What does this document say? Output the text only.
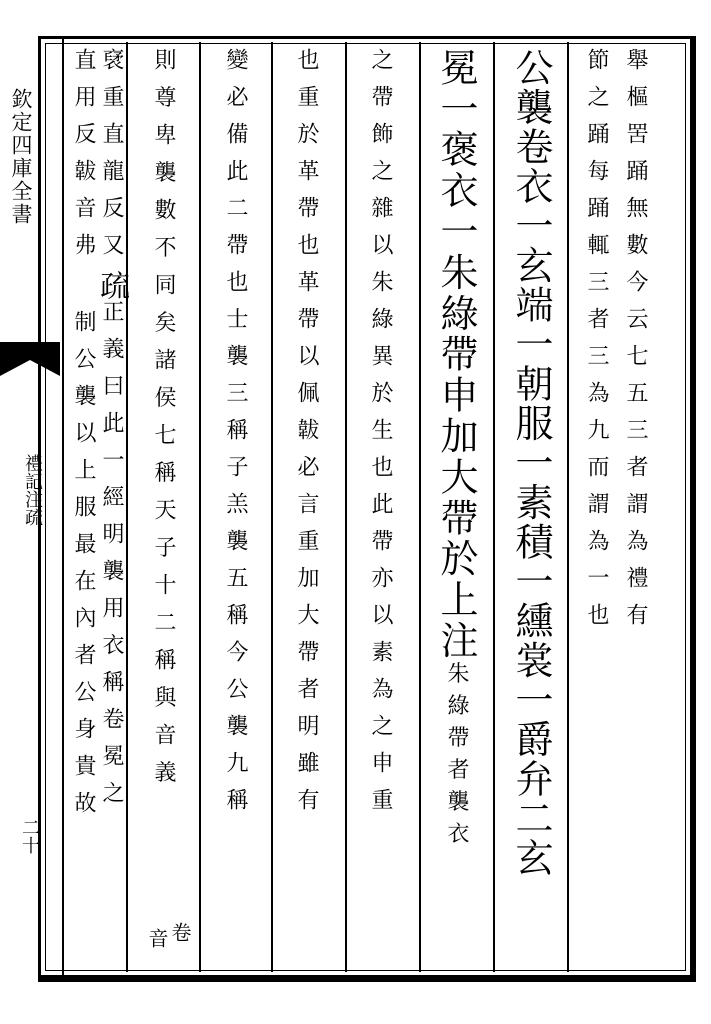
欽定四庫全書
禮記注疏
二十
舉樞罟踊無數今云七五三者謂為禮有
節之踊每踊輒三者三為九而謂為一也
公襲卷衣一玄端一朝服一素積一纁裳一爵弁二玄
冕一褒衣一朱綠帶申加大帶於上注朱綠帶者襲衣
之帶飾之雜以朱綠異於生也此帶亦以素為之申重
也重於革帶也革帶以佩韍必言重加大帶者明雖有
變必備此二帶也士襲三稱子羔襲五稱今公襲九稱
則尊卑襲數不同矣諸侯七稱天子十二稱與音義
卷
音
裦重直龍反又疏正義曰此一經明襲用衣稱卷冕之
直用反韍音弗制公襲以上服最在內者公身貴故
